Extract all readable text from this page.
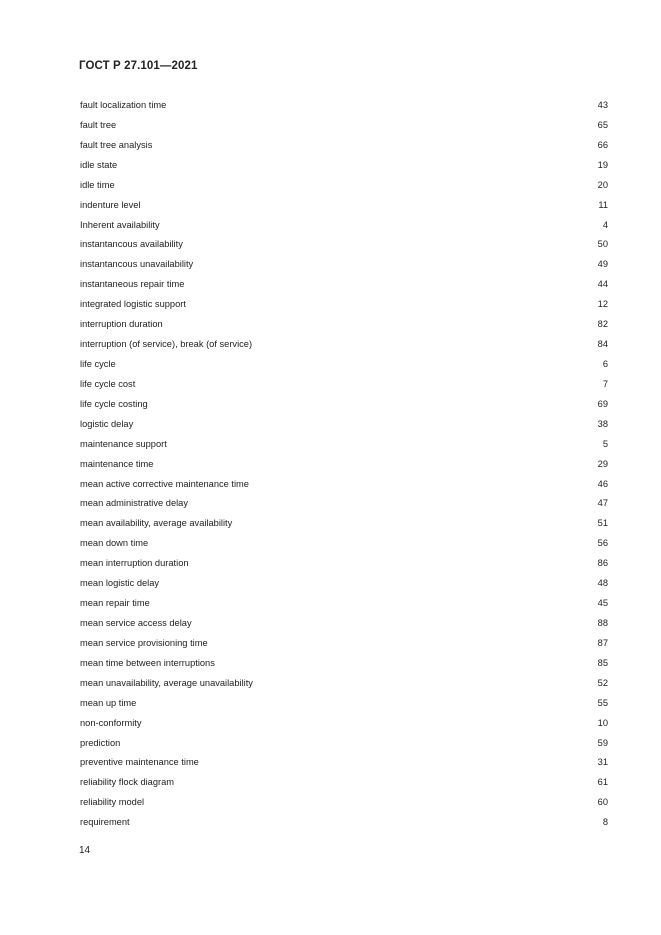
ГОСТ Р 27.101—2021
fault localization time	43
fault tree	65
fault tree analysis	66
idle state	19
idle time	20
indenture level	11
Inherent availability	4
instantancous availability	50
instantancous unavailability	49
instantaneous repair time	44
integrated logistic support	12
interruption duration	82
interruption (of service), break (of service)	84
life cycle	6
life cycle cost	7
life cycle costing	69
logistic delay	38
maintenance support	5
maintenance time	29
mean active corrective maintenance time	46
mean administrative delay	47
mean availability, average availability	51
mean down time	56
mean interruption duration	86
mean logistic delay	48
mean repair time	45
mean service access delay	88
mean service provisioning time	87
mean time between interruptions	85
mean unavailability, average unavailability	52
mean up time	55
non-conformity	10
prediction	59
preventive maintenance time	31
reliability flock diagram	61
reliability model	60
requirement	8
14
